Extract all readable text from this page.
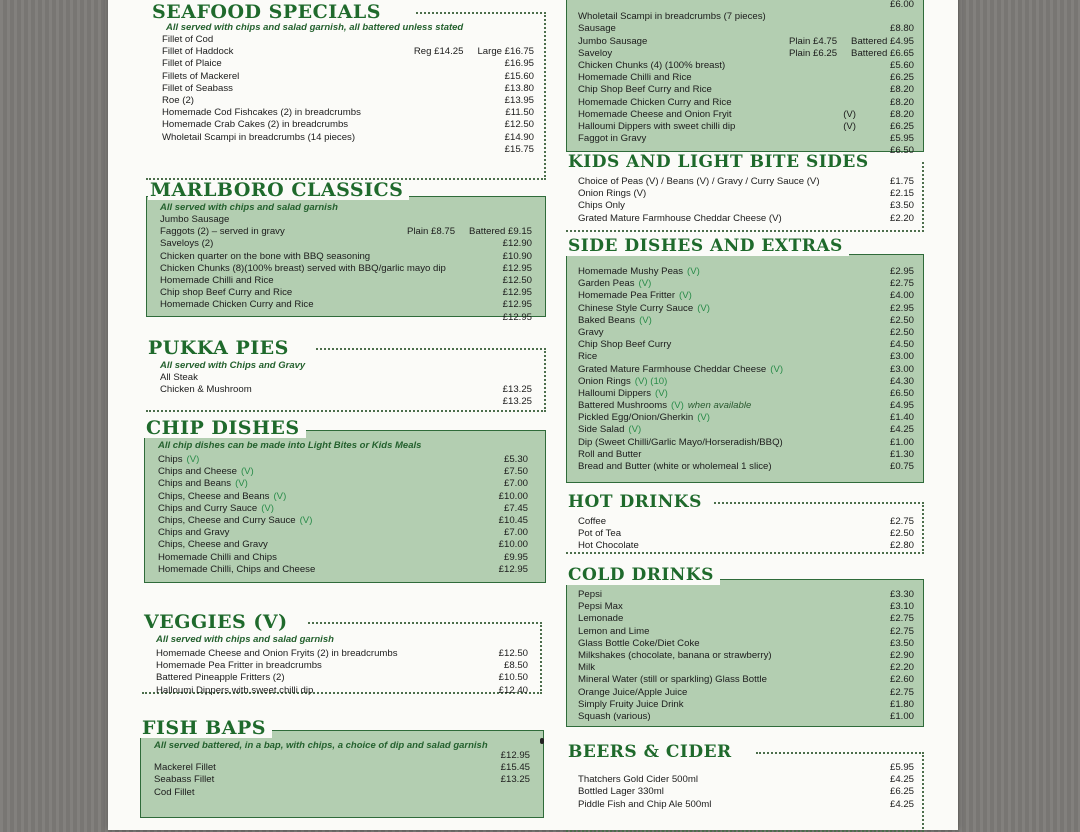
SEAFOOD SPECIALS
All served with chips and salad garnish, all battered unless stated
Fillet of Cod
Fillet of Haddock	Reg £14.25 Large £16.75
Fillet of Plaice	£16.95
Fillets of Mackerel	£15.60
Fillet of Seabass	£13.80
Roe (2)	£13.95
Homemade Cod Fishcakes (2) in breadcrumbs	£11.50
Homemade Crab Cakes (2) in breadcrumbs	£12.50
Wholetail Scampi in breadcrumbs (14 pieces)	£14.90
£15.75
MARLBORO CLASSICS
All served with chips and salad garnish
Jumbo Sausage
Faggots (2) – served in gravy	Plain £8.75 Battered £9.15
Saveloys (2)	£12.90
Chicken quarter on the bone with BBQ seasoning	£10.90
Chicken Chunks (8)(100% breast) served with BBQ/garlic mayo dip	£12.95
Homemade Chilli and Rice	£12.50
Chip shop Beef Curry and Rice	£12.95
Homemade Chicken Curry and Rice	£12.95
£12.95
PUKKA PIES
All served with Chips and Gravy
All Steak
Chicken & Mushroom	£13.25
£13.25
CHIP DISHES
All chip dishes can be made into Light Bites or Kids Meals
Chips (V)	£5.30
Chips and Cheese (V)	£7.50
Chips and Beans (V)	£7.00
Chips, Cheese and Beans (V)	£10.00
Chips and Curry Sauce (V)	£7.45
Chips, Cheese and Curry Sauce (V)	£10.45
Chips and Gravy	£7.00
Chips, Cheese and Gravy	£10.00
Homemade Chilli and Chips	£9.95
Homemade Chilli, Chips and Cheese	£12.95
VEGGIES (V)
All served with chips and salad garnish
Homemade Cheese and Onion Fryits (2) in breadcrumbs	£12.50
Homemade Pea Fritter in breadcrumbs	£8.50
Battered Pineapple Fritters (2)	£10.50
Halloumi Dippers with sweet chilli dip	£12.40
FISH BAPS
All served battered, in a bap, with chips, a choice of dip and salad garnish
£12.95
Mackerel Fillet	£15.45
Seabass Fillet	£13.25
Cod Fillet
£6.00
Wholetail Scampi in breadcrumbs (7 pieces)
Sausage	£8.80
Jumbo Sausage	Plain £4.75 Battered £4.95
Saveloy	Plain £6.25 Battered £6.65
Chicken Chunks (4) (100% breast)	£5.60
Homemade Chilli and Rice	£6.25
Chip Shop Beef Curry and Rice	£8.20
Homemade Chicken Curry and Rice	£8.20
Homemade Cheese and Onion Fryit	(V)	£8.20
Halloumi Dippers with sweet chilli dip	(V)	£6.25
Faggot in Gravy	£5.95
£6.50
KIDS AND LIGHT BITE SIDES
Choice of Peas (V) / Beans (V) / Gravy / Curry Sauce (V)	£1.75
Onion Rings (V)	£2.15
Chips Only	£3.50
Grated Mature Farmhouse Cheddar Cheese (V)	£2.20
SIDE DISHES AND EXTRAS
Homemade Mushy Peas (V)	£2.95
Garden Peas (V)	£2.75
Homemade Pea Fritter (V)	£4.00
Chinese Style Curry Sauce (V)	£2.95
Baked Beans (V)	£2.50
Gravy	£2.50
Chip Shop Beef Curry	£4.50
Rice	£3.00
Grated Mature Farmhouse Cheddar Cheese (V)	£3.00
Onion Rings (V) (10)	£4.30
Halloumi Dippers (V)	£6.50
Battered Mushrooms (V) when available	£4.95
Pickled Egg/Onion/Gherkin (V)	£1.40
Side Salad (V)	£4.25
Dip (Sweet Chilli/Garlic Mayo/Horseradish/BBQ)	£1.00
Roll and Butter	£1.30
Bread and Butter (white or wholemeal 1 slice)	£0.75
HOT DRINKS
Coffee	£2.75
Pot of Tea	£2.50
Hot Chocolate	£2.80
COLD DRINKS
Pepsi	£3.30
Pepsi Max	£3.10
Lemonade	£2.75
Lemon and Lime	£2.75
Glass Bottle Coke/Diet Coke	£3.50
Milkshakes (chocolate, banana or strawberry)	£2.90
Milk	£2.20
Mineral Water (still or sparkling) Glass Bottle	£2.60
Orange Juice/Apple Juice	£2.75
Simply Fruity Juice Drink	£1.80
Squash (various)	£1.00
BEERS & CIDER
£5.95
Thatchers Gold Cider 500ml	£4.25
Bottled Lager 330ml	£6.25
Piddle Fish and Chip Ale 500ml	£4.25
